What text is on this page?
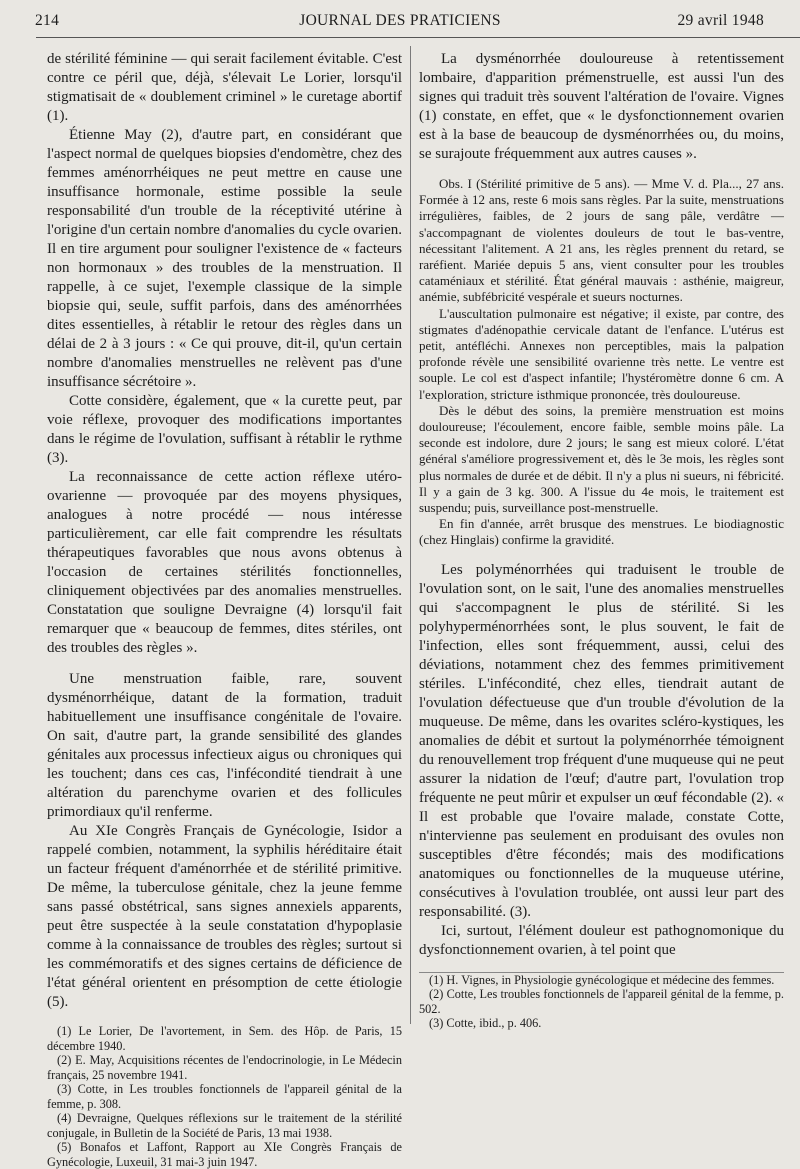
214	JOURNAL DES PRATICIENS	29 avril 1948

de stérilité féminine — qui serait facilement évitable. C'est contre ce péril que, déjà, s'élevait Le Lorier, lorsqu'il stigmatisait de « doublement criminel » le curetage abortif (1).

Étienne May (2), d'autre part, en considérant que l'aspect normal de quelques biopsies d'endomètre, chez des femmes aménorrhéiques ne peut mettre en cause une insuffisance hormonale, estime possible la seule responsabilité d'un trouble de la réceptivité utérine à l'origine d'un certain nombre d'anomalies du cycle ovarien. Il en tire argument pour souligner l'existence de « facteurs non hormonaux » des troubles de la menstruation. Il rappelle, à ce sujet, l'exemple classique de la simple biopsie qui, seule, suffit parfois, dans des aménorrhées dites essentielles, à rétablir le retour des règles dans un délai de 2 à 3 jours : « Ce qui prouve, dit-il, qu'un certain nombre d'anomalies menstruelles ne relèvent pas d'une insuffisance sécrétoire ».

Cotte considère, également, que « la curette peut, par voie réflexe, provoquer des modifications importantes dans le régime de l'ovulation, suffisant à rétablir le rythme (3).

La reconnaissance de cette action réflexe utéro-ovarienne — provoquée par des moyens physiques, analogues à notre procédé — nous intéresse particulièrement, car elle fait comprendre les résultats thérapeutiques favorables que nous avons obtenus à l'occasion de certaines stérilités fonctionnelles, cliniquement objectivées par des anomalies menstruelles. Constatation que souligne Devraigne (4) lorsqu'il fait remarquer que « beaucoup de femmes, dites stériles, ont des troubles des règles ».

Une menstruation faible, rare, souvent dysménorrhéique, datant de la formation, traduit habituellement une insuffisance congénitale de l'ovaire. On sait, d'autre part, la grande sensibilité des glandes génitales aux processus infectieux aigus ou chroniques qui les touchent; dans ces cas, l'infécondité tiendrait à une altération du parenchyme ovarien et des follicules primordiaux qu'il renferme.

Au XIe Congrès Français de Gynécologie, Isidor a rappelé combien, notamment, la syphilis héréditaire était un facteur fréquent d'aménorrhée et de stérilité primitive. De même, la tuberculose génitale, chez la jeune femme sans passé obstétrical, sans signes annexiels apparents, peut être suspectée à la seule constatation d'hypoplasie comme à la connaissance de troubles des règles; surtout si les commémoratifs et des signes certains de déficience de l'état général orientent en présomption de cette étiologie (5).

(1) Le Lorier, De l'avortement, in Sem. des Hôp. de Paris, 15 décembre 1940.

(2) E. May, Acquisitions récentes de l'endocrinologie, in Le Médecin français, 25 novembre 1941.

(3) Cotte, in Les troubles fonctionnels de l'appareil génital de la femme, p. 308.

(4) Devraigne, Quelques réflexions sur le traitement de la stérilité conjugale, in Bulletin de la Société de Paris, 13 mai 1938.

(5) Bonafos et Laffont, Rapport au XIe Congrès Français de Gynécologie, Luxeuil, 31 mai-3 juin 1947.

La dysménorrhée douloureuse à retentissement lombaire, d'apparition prémenstruelle, est aussi l'un des signes qui traduit très souvent l'altération de l'ovaire. Vignes (1) constate, en effet, que « le dysfonctionnement ovarien est à la base de beaucoup de dysménorrhées ou, du moins, se surajoute fréquemment aux autres causes ».

Obs. I (Stérilité primitive de 5 ans). — Mme V. d. Pla..., 27 ans. Formée à 12 ans, reste 6 mois sans règles. Par la suite, menstruations irrégulières, faibles, de 2 jours de sang pâle, verdâtre — s'accompagnant de violentes douleurs de tout le bas-ventre, nécessitant l'alitement. A 21 ans, les règles prennent du retard, se raréfient. Mariée depuis 5 ans, vient consulter pour les troubles cataméniaux et stérilité. État général mauvais : asthénie, maigreur, anémie, subfébricité vespérale et sueurs nocturnes.

L'auscultation pulmonaire est négative; il existe, par contre, des stigmates d'adénopathie cervicale datant de l'enfance. L'utérus est petit, antéfléchi. Annexes non perceptibles, mais la palpation profonde révèle une sensibilité ovarienne très nette. Le ventre est souple. Le col est d'aspect infantile; l'hystéromètre donne 6 cm. A l'exploration, stricture isthmique prononcée, très douloureuse.

Dès le début des soins, la première menstruation est moins douloureuse; l'écoulement, encore faible, semble moins pâle. La seconde est indolore, dure 2 jours; le sang est mieux coloré. L'état général s'améliore progressivement et, dès le 3e mois, les règles sont plus normales de durée et de débit. Il n'y a plus ni sueurs, ni fébricité. Il y a gain de 3 kg. 300. A l'issue du 4e mois, le traitement est suspendu; puis, surveillance post-menstruelle.

En fin d'année, arrêt brusque des menstrues. Le biodiagnostic (chez Hinglais) confirme la gravidité.

Les polyménorrhées qui traduisent le trouble de l'ovulation sont, on le sait, l'une des anomalies menstruelles qui s'accompagnent le plus de stérilité. Si les polyhyperménorrhées sont, le plus souvent, le fait de l'infection, elles sont fréquemment, aussi, celui des déviations, notamment chez des femmes primitivement stériles. L'infécondité, chez elles, tiendrait autant de l'ovulation défectueuse que d'un trouble d'évolution de la muqueuse. De même, dans les ovarites scléro-kystiques, les anomalies de débit et surtout la polyménorrhée témoignent du renouvellement trop fréquent d'une muqueuse qui ne peut assurer la nidation de l'œuf; d'autre part, l'ovulation trop fréquente ne peut mûrir et expulser un œuf fécondable (2). « Il est probable que l'ovaire malade, constate Cotte, n'intervienne pas seulement en produisant des ovules non susceptibles d'être fécondés; mais des modifications anatomiques ou fonctionnelles de la muqueuse utérine, consécutives à l'ovulation troublée, ont aussi leur part des responsabilité. (3).

Ici, surtout, l'élément douleur est pathognomonique du dysfonctionnement ovarien, à tel point que

(1) H. Vignes, in Physiologie gynécologique et médecine des femmes.

(2) Cotte, Les troubles fonctionnels de l'appareil génital de la femme, p. 502.

(3) Cotte, ibid., p. 406.
